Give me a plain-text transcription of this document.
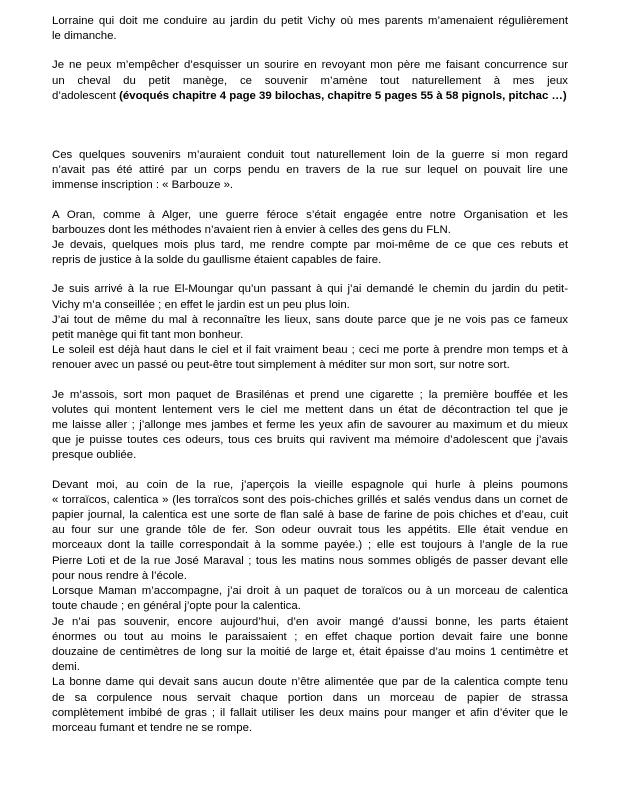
Lorraine qui doit me conduire au jardin du petit Vichy où mes parents m’amenaient régulièrement
le dimanche.
Je ne peux m’empêcher d’esquisser un sourire en revoyant mon père me faisant concurrence sur
un cheval du petit manège, ce souvenir m’amène tout naturellement à mes jeux
d’adolescent (évoqués chapitre 4 page 39 bilochas, chapitre 5 pages 55 à 58 pignols, pitchac …)
Ces quelques souvenirs m’auraient conduit tout naturellement loin de la guerre si mon regard
n’avait pas été attiré par un corps pendu en travers de la rue sur lequel on pouvait lire une
immense inscription : « Barbouze ».
A Oran, comme à Alger, une guerre féroce s’était engagée entre notre Organisation et les
barbouzes dont les méthodes n’avaient rien à envier à celles des gens du FLN.
Je devais, quelques mois plus tard, me rendre compte par moi-même de ce que ces rebuts et
repris de justice à la solde du gaullisme étaient capables de faire.
Je suis arrivé à la rue El-Moungar qu’un passant à qui j’ai demandé le chemin du jardin du petit-
Vichy m’a conseillée ; en effet le jardin est un peu plus loin.
J’ai tout de même du mal à reconnaître les lieux, sans doute parce que je ne vois pas ce fameux
petit manège qui fit tant mon bonheur.
Le soleil est déjà haut dans le ciel et il fait vraiment beau ; ceci me porte à prendre mon temps et à
renouer avec un passé ou peut-être tout simplement à méditer sur mon sort, sur notre sort.
Je m’assois, sort mon paquet de Brasilénas et prend une cigarette ; la première bouffée et les
volutes qui montent lentement vers le ciel me mettent dans un état de décontraction tel que je
me laisse aller ; j’allonge mes jambes et ferme les yeux afin de savourer au maximum et du mieux
que je puisse toutes ces odeurs, tous ces bruits qui ravivent ma mémoire d’adolescent que j’avais
presque oubliée.
Devant moi, au coin de la rue, j’aperçois la vieille espagnole qui hurle à pleins poumons
« torraïcos, calentica » (les torraïcos sont des pois-chiches grillés et salés vendus dans un cornet de
papier journal, la calentica est une sorte de flan salé à base de farine de pois chiches et d’eau, cuit
au four sur une grande tôle de fer. Son odeur ouvrait tous les appétits. Elle était vendue en
morceaux dont la taille correspondait à la somme payée.) ; elle est toujours à l’angle de la rue
Pierre Loti et de la rue José Maraval ; tous les matins nous sommes obligés de passer devant elle
pour nous rendre à l’école.
Lorsque Maman m’accompagne, j’ai droit à un paquet de toraïcos ou à un morceau de calentica
toute chaude ; en général j’opte pour la calentica.
Je n’ai pas souvenir, encore aujourd’hui, d’en avoir mangé d’aussi bonne, les parts étaient
énormes ou tout au moins le paraissaient ; en effet chaque portion devait faire une bonne
douzaine de centimètres de long sur la moitié de large et, était épaisse d’au moins 1 centimètre et
demi.
La bonne dame qui devait sans aucun doute n’être alimentée que par de la calentica compte tenu
de sa corpulence nous servait chaque portion dans un morceau de papier de strassa
complètement imbibé de gras ; il fallait utiliser les deux mains pour manger et afin d’éviter que le
morceau fumant et tendre ne se rompe.
